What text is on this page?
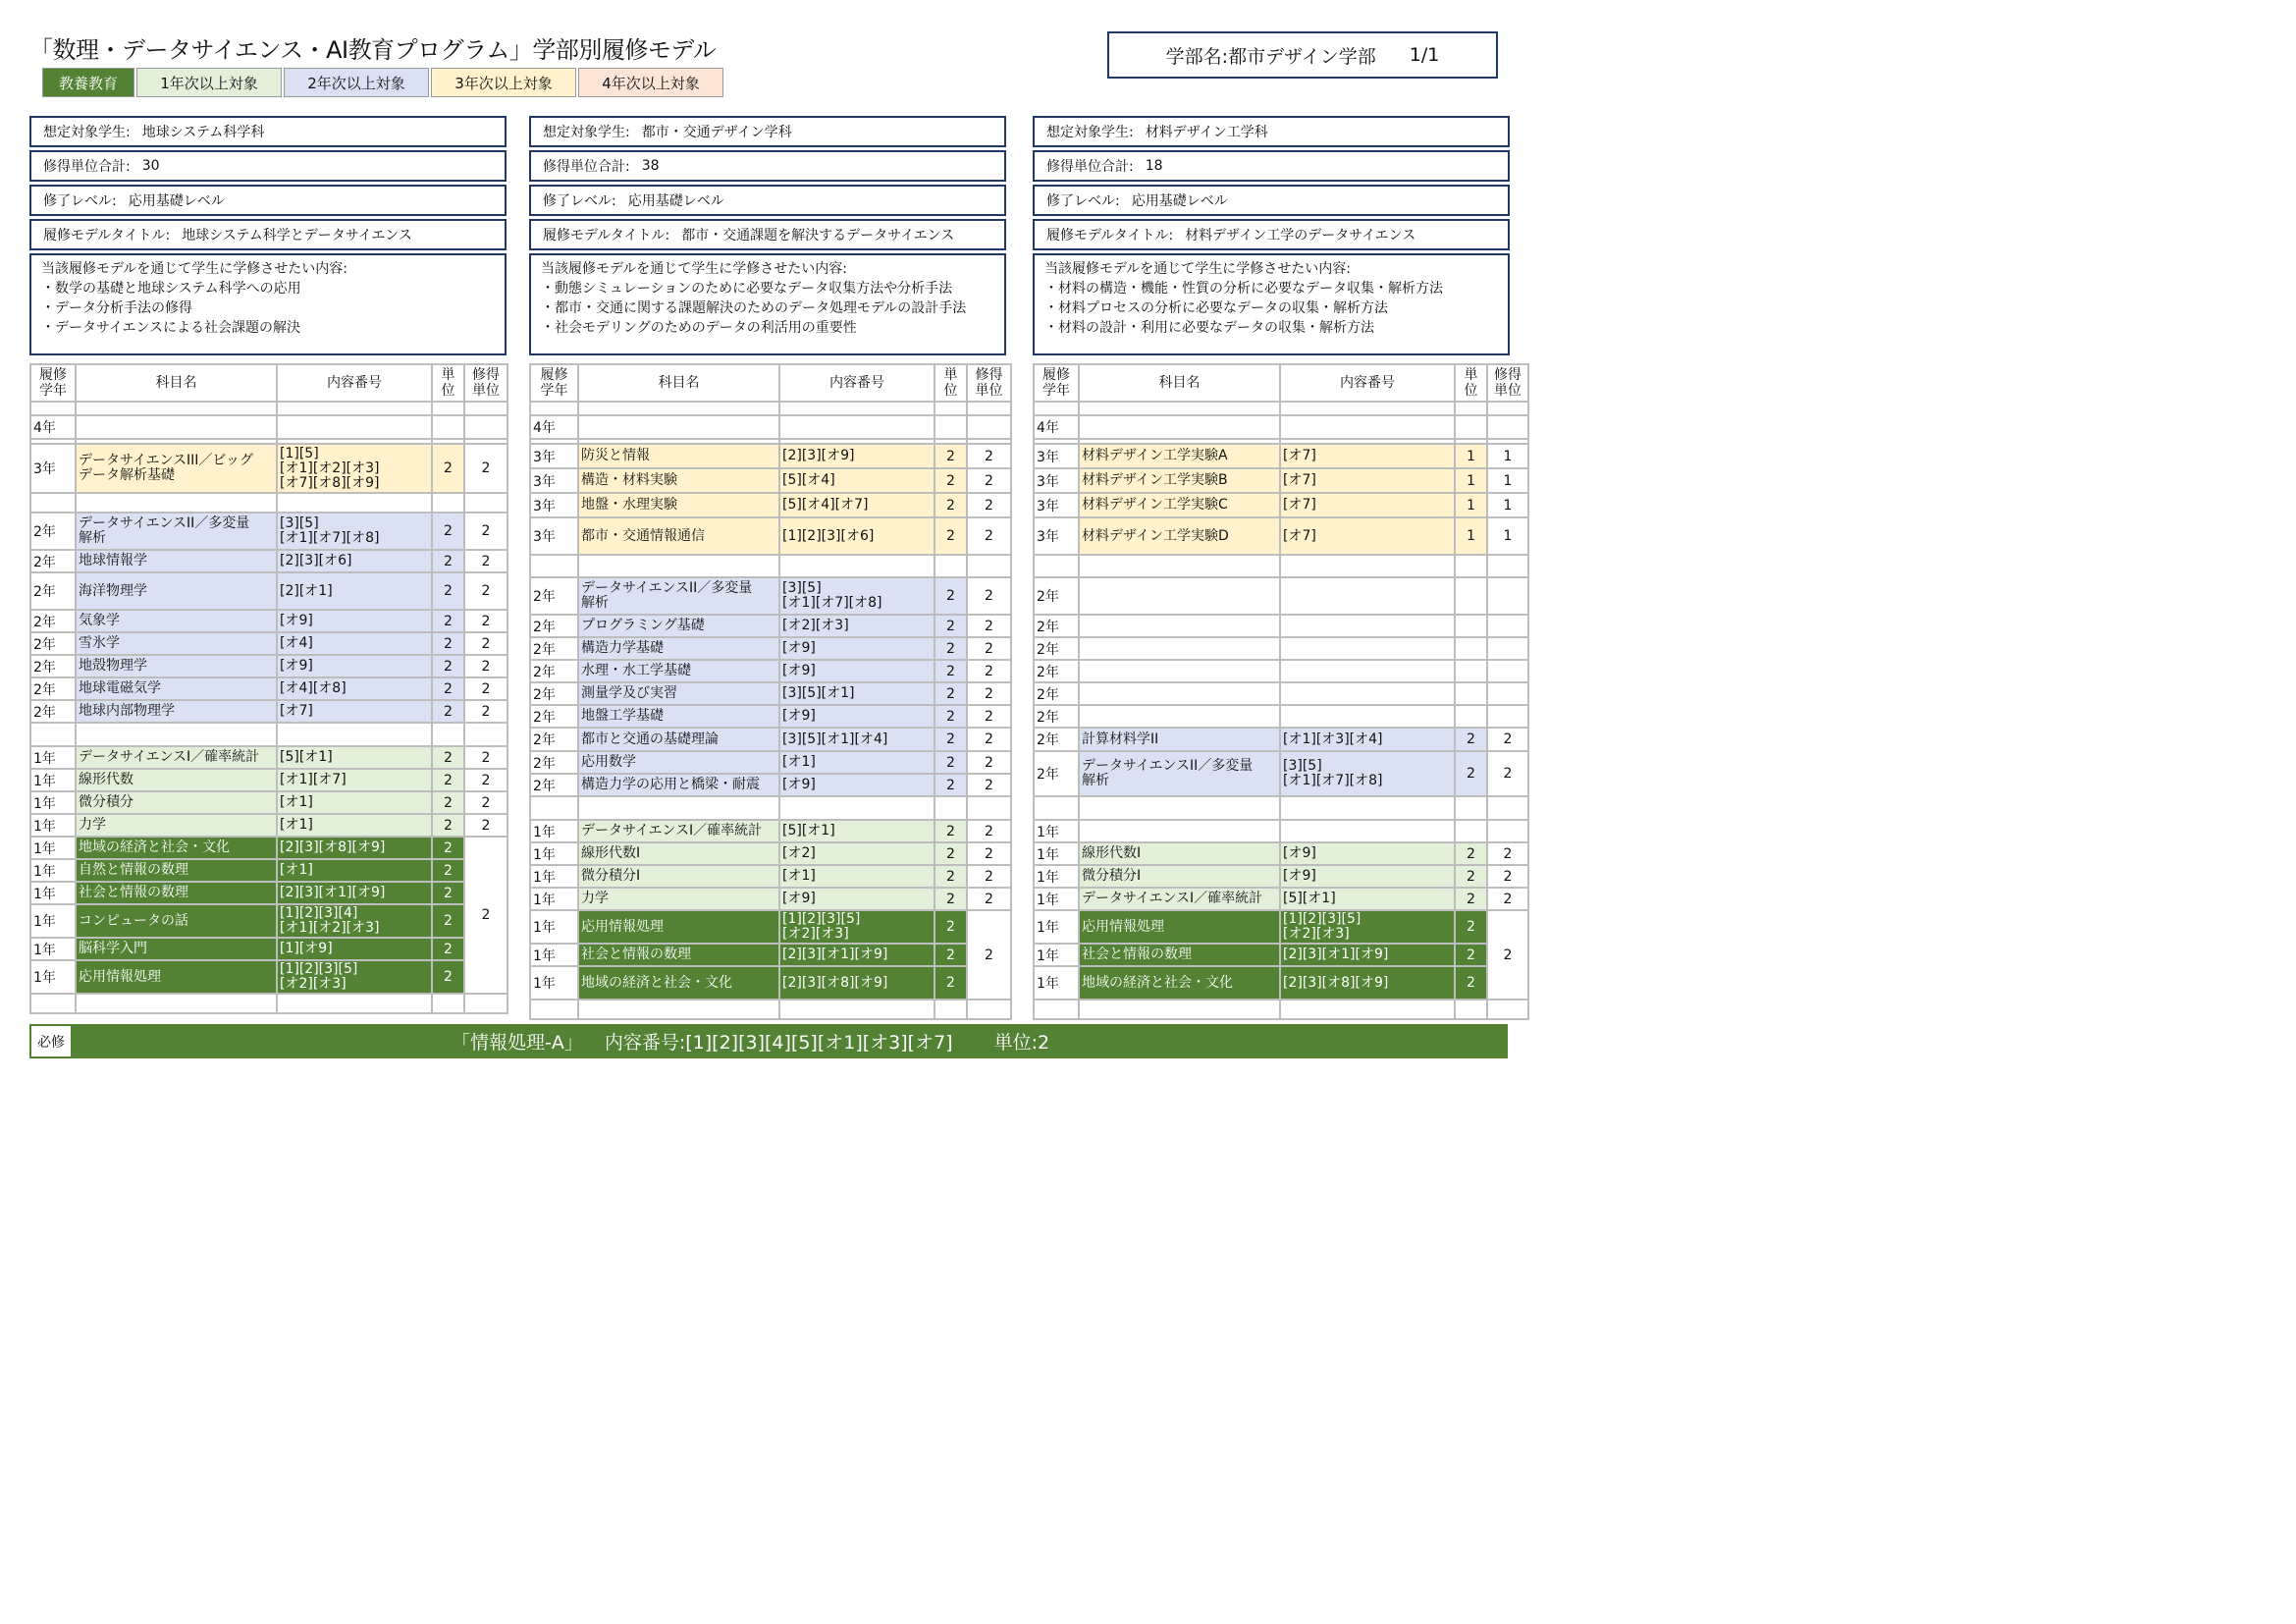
「数理・データサイエンス・AI教育プログラム」学部別履修モデル	学部名:都市デザイン学部 1/1
教養教育	1年次以上対象	2年次以上対象	3年次以上対象	4年次以上対象
想定対象学生: 地球システム科学科
修得単位合計: 30
修了レベル: 応用基礎レベル
履修モデルタイトル: 地球システム科学とデータサイエンス
当該履修モデルを通じて学生に学修させたい内容:
・数学の基礎と地球システム科学への応用
・データ分析手法の修得
・データサイエンスによる社会課題の解決
履修
学年	科目名	内容番号	単
位	修得
単位

4年				

3年	データサイエンスIII／ビッグ
データ解析基礎	[1][5]
[オ1][オ2][オ3]
[オ7][オ8][オ9]	2	2

2年	データサイエンスII／多変量
解析	[3][5]
[オ1][オ7][オ8]	2	2
2年	地球情報学	[2][3][オ6]	2	2
2年	海洋物理学	[2][オ1]	2	2
2年	気象学	[オ9]	2	2
2年	雪氷学	[オ4]	2	2
2年	地殻物理学	[オ9]	2	2
2年	地球電磁気学	[オ4][オ8]	2	2
2年	地球内部物理学	[オ7]	2	2

1年	データサイエンスI／確率統計	[5][オ1]	2	2
1年	線形代数	[オ1][オ7]	2	2
1年	微分積分	[オ1]	2	2
1年	力学	[オ1]	2	2
1年	地域の経済と社会・文化	[2][3][オ8][オ9]	2	2
1年	自然と情報の数理	[オ1]	2	
1年	社会と情報の数理	[2][3][オ1][オ9]	2	
1年	コンピュータの話	[1][2][3][4]
[オ1][オ2][オ3]	2	
1年	脳科学入門	[1][オ9]	2	
1年	応用情報処理	[1][2][3][5]
[オ2][オ3]	2	

想定対象学生: 都市・交通デザイン学科
修得単位合計: 38
修了レベル: 応用基礎レベル
履修モデルタイトル: 都市・交通課題を解決するデータサイエンス
当該履修モデルを通じて学生に学修させたい内容:
・動態シミュレーションのために必要なデータ収集方法や分析手法
・都市・交通に関する課題解決のためのデータ処理モデルの設計手法
・社会モデリングのためのデータの利活用の重要性
履修
学年	科目名	内容番号	単
位	修得
単位

4年				

3年	防災と情報	[2][3][オ9]	2	2
3年	構造・材料実験	[5][オ4]	2	2
3年	地盤・水理実験	[5][オ4][オ7]	2	2
3年	都市・交通情報通信	[1][2][3][オ6]	2	2

2年	データサイエンスII／多変量
解析	[3][5]
[オ1][オ7][オ8]	2	2
2年	プログラミング基礎	[オ2][オ3]	2	2
2年	構造力学基礎	[オ9]	2	2
2年	水理・水工学基礎	[オ9]	2	2
2年	測量学及び実習	[3][5][オ1]	2	2
2年	地盤工学基礎	[オ9]	2	2
2年	都市と交通の基礎理論	[3][5][オ1][オ4]	2	2
2年	応用数学	[オ1]	2	2
2年	構造力学の応用と橋梁・耐震	[オ9]	2	2

1年	データサイエンスI／確率統計	[5][オ1]	2	2
1年	線形代数I	[オ2]	2	2
1年	微分積分I	[オ1]	2	2
1年	力学	[オ9]	2	2
1年	応用情報処理	[1][2][3][5]
[オ2][オ3]	2	2
1年	社会と情報の数理	[2][3][オ1][オ9]	2	
1年	地域の経済と社会・文化	[2][3][オ8][オ9]	2	

想定対象学生: 材料デザイン工学科
修得単位合計: 18
修了レベル: 応用基礎レベル
履修モデルタイトル: 材料デザイン工学のデータサイエンス
当該履修モデルを通じて学生に学修させたい内容:
・材料の構造・機能・性質の分析に必要なデータ収集・解析方法
・材料プロセスの分析に必要なデータの収集・解析方法
・材料の設計・利用に必要なデータの収集・解析方法
履修
学年	科目名	内容番号	単
位	修得
単位

4年				

3年	材料デザイン工学実験A	[オ7]	1	1
3年	材料デザイン工学実験B	[オ7]	1	1
3年	材料デザイン工学実験C	[オ7]	1	1
3年	材料デザイン工学実験D	[オ7]	1	1

2年				
2年				
2年				
2年				
2年				
2年				
2年	計算材料学II	[オ1][オ3][オ4]	2	2
2年	データサイエンスII／多変量
解析	[3][5]
[オ1][オ7][オ8]	2	2

1年				
1年	線形代数I	[オ9]	2	2
1年	微分積分I	[オ9]	2	2
1年	データサイエンスI／確率統計	[5][オ1]	2	2
1年	応用情報処理	[1][2][3][5]
[オ2][オ3]	2	2
1年	社会と情報の数理	[2][3][オ1][オ9]	2	
1年	地域の経済と社会・文化	[2][3][オ8][オ9]	2	

必修	「情報処理-A」 内容番号:[1][2][3][4][5][オ1][オ3][オ7] 単位:2
